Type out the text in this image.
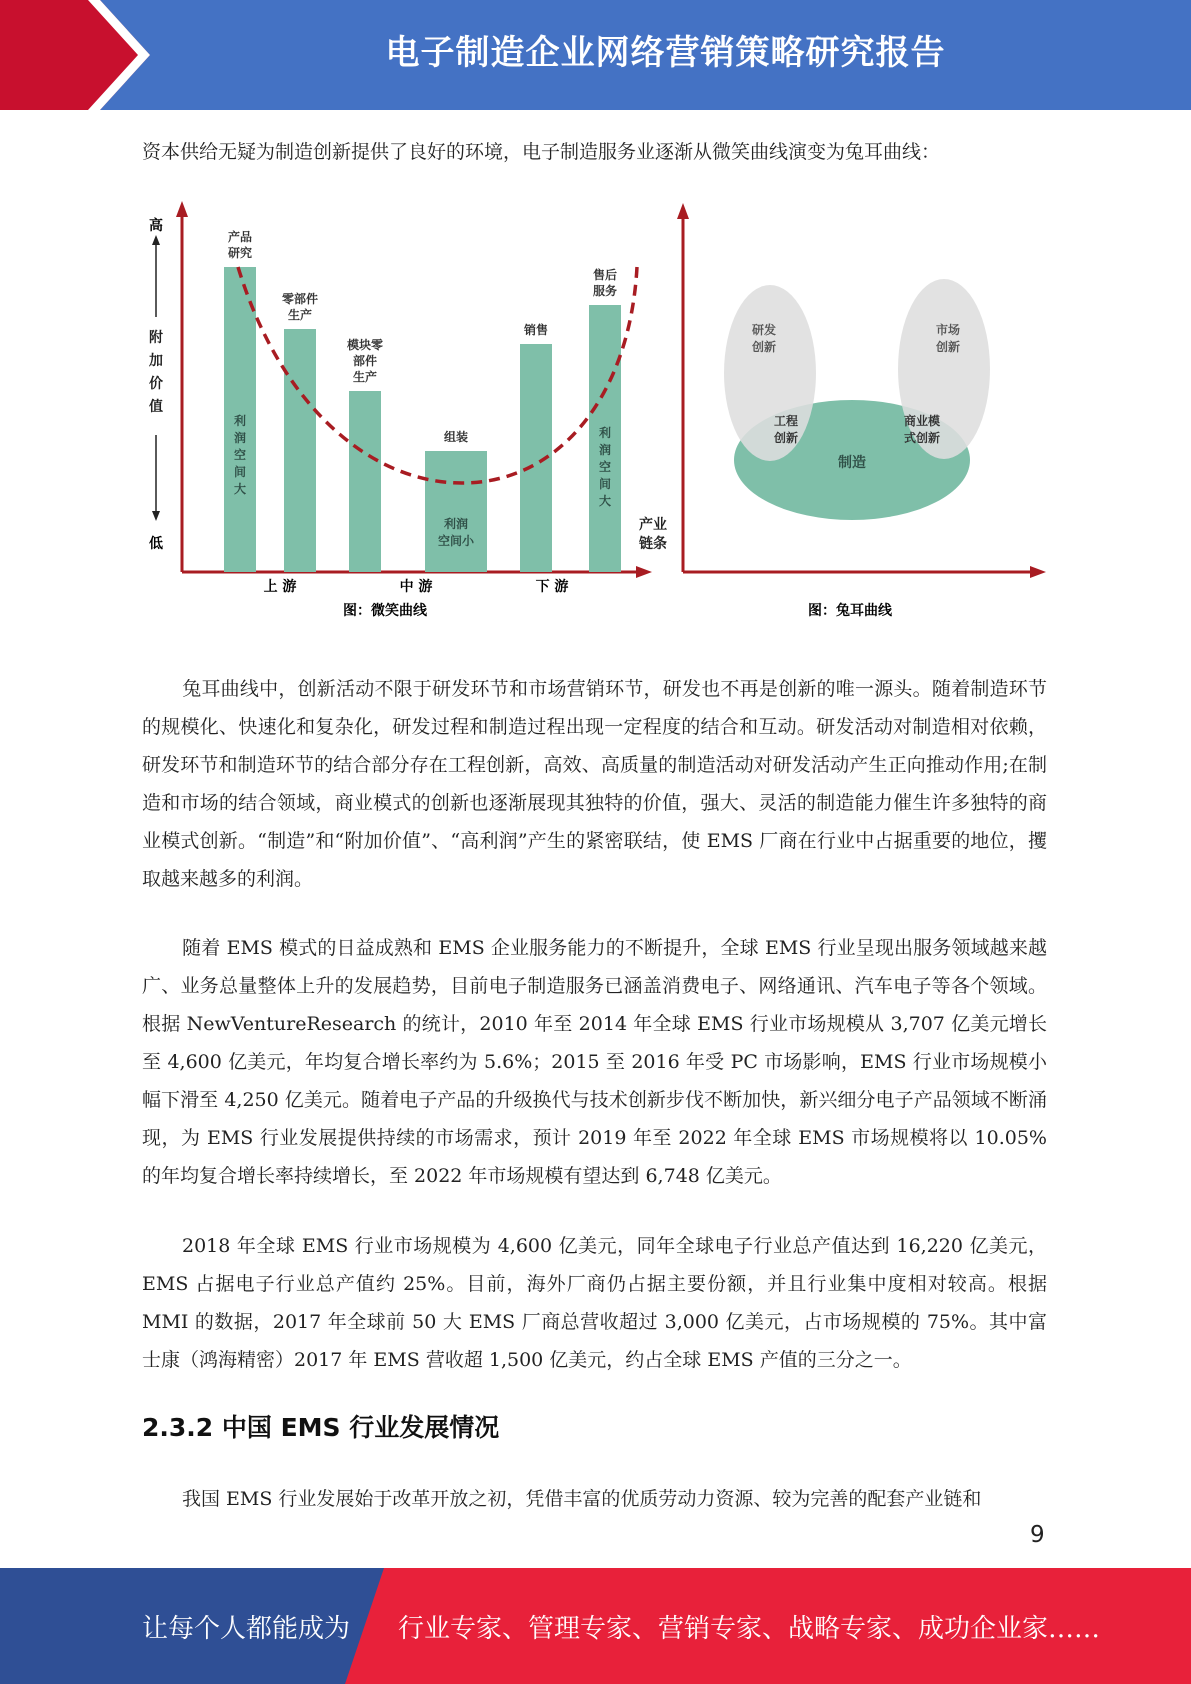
电子制造企业网络营销策略研究报告
资本供给无疑为制造创新提供了良好的环境，电子制造服务业逐渐从微笑曲线演变为兔耳曲线：
高
附
加
价
值
低
产品
研究
利
润
空
间
大
零部件
生产
模块零
部件
生产
组装
利润
空间小
销售
售后
服务
利
润
空
间
大
产业
链条
上 游	中 游	下 游
图：微笑曲线
研发
创新
市场
创新
工程
创新
商业模
式创新
制造
图：兔耳曲线

兔耳曲线中，创新活动不限于研发环节和市场营销环节，研发也不再是创新的唯一源头。随着制造环节的规模化、快速化和复杂化，研发过程和制造过程出现一定程度的结合和互动。研发活动对制造相对依赖，研发环节和制造环节的结合部分存在工程创新，高效、高质量的制造活动对研发活动产生正向推动作用;在制造和市场的结合领域，商业模式的创新也逐渐展现其独特的价值，强大、灵活的制造能力催生许多独特的商业模式创新。“制造”和“附加价值”、“高利润”产生的紧密联结，使 EMS 厂商在行业中占据重要的地位，攫取越来越多的利润。

随着 EMS 模式的日益成熟和 EMS 企业服务能力的不断提升，全球 EMS 行业呈现出服务领域越来越广、业务总量整体上升的发展趋势，目前电子制造服务已涵盖消费电子、网络通讯、汽车电子等各个领域。根据 NewVentureResearch 的统计，2010 年至 2014 年全球 EMS 行业市场规模从 3,707 亿美元增长至 4,600 亿美元，年均复合增长率约为 5.6%；2015 至 2016 年受 PC 市场影响，EMS 行业市场规模小幅下滑至 4,250 亿美元。随着电子产品的升级换代与技术创新步伐不断加快，新兴细分电子产品领域不断涌现，为 EMS 行业发展提供持续的市场需求，预计 2019 年至 2022 年全球 EMS 市场规模将以 10.05%的年均复合增长率持续增长，至 2022 年市场规模有望达到 6,748 亿美元。

2018 年全球 EMS 行业市场规模为 4,600 亿美元，同年全球电子行业总产值达到 16,220 亿美元，EMS 占据电子行业总产值约 25%。目前，海外厂商仍占据主要份额，并且行业集中度相对较高。根据 MMI 的数据，2017 年全球前 50 大 EMS 厂商总营收超过 3,000 亿美元，占市场规模的 75%。其中富士康（鸿海精密）2017 年 EMS 营收超 1,500 亿美元，约占全球 EMS 产值的三分之一。

2.3.2 中国 EMS 行业发展情况

我国 EMS 行业发展始于改革开放之初，凭借丰富的优质劳动力资源、较为完善的配套产业链和

9
让每个人都能成为 行业专家、管理专家、营销专家、战略专家、成功企业家……
